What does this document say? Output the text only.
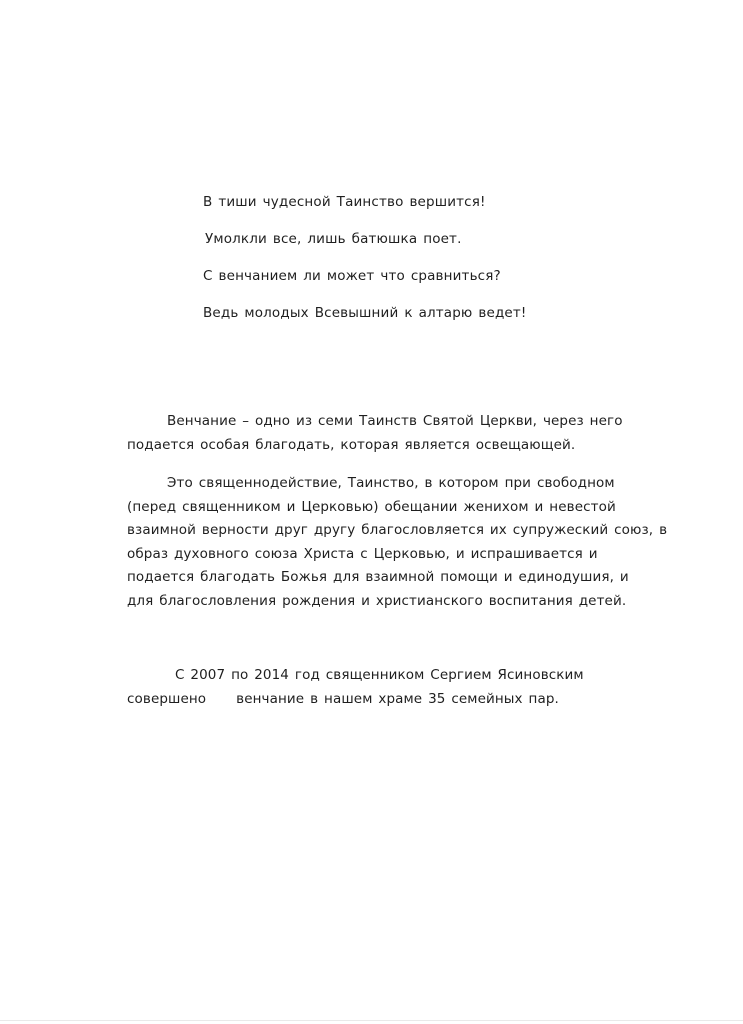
В тиши чудесной Таинство вершится!
Умолкли все, лишь батюшка поет.
С венчанием ли может что сравниться?
Ведь молодых Всевышний к алтарю ведет!
Венчание – одно из семи Таинств Святой Церкви, через него
подается особая благодать, которая является освещающей.
Это священнодействие, Таинство, в котором при свободном
(перед священником и Церковью) обещании женихом и невестой
взаимной верности друг другу благословляется их супружеский союз, в
образ духовного союза Христа с Церковью, и испрашивается и
подается благодать Божья для взаимной помощи и единодушия, и
для благословления рождения и христианского воспитания детей.
С 2007 по 2014 год священником Сергием Ясиновским
совершено венчание в нашем храме 35 семейных пар.
